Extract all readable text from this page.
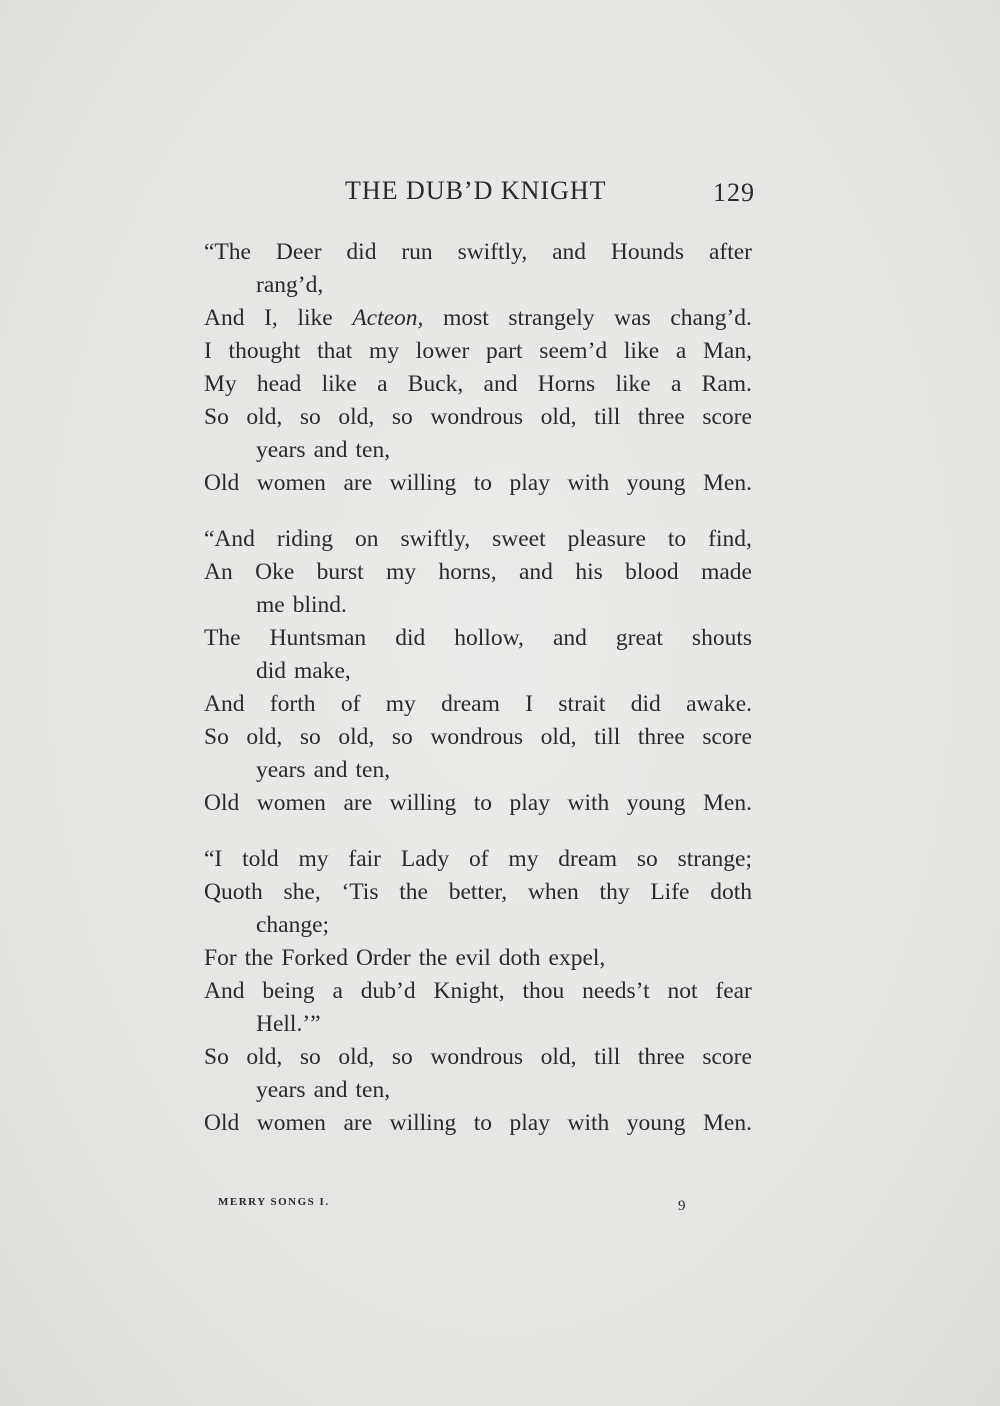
THE DUB’D KNIGHT	129
“The Deer did run swiftly, and Hounds after
rang’d,
And I, like Acteon, most strangely was chang’d.
I thought that my lower part seem’d like a Man,
My head like a Buck, and Horns like a Ram.
So old, so old, so wondrous old, till three score
years and ten,
Old women are willing to play with young Men.
“And riding on swiftly, sweet pleasure to find,
An Oke burst my horns, and his blood made
me blind.
The Huntsman did hollow, and great shouts
did make,
And forth of my dream I strait did awake.
So old, so old, so wondrous old, till three score
years and ten,
Old women are willing to play with young Men.
“I told my fair Lady of my dream so strange;
Quoth she, ‘Tis the better, when thy Life doth
change;
For the Forked Order the evil doth expel,
And being a dub’d Knight, thou needs’t not fear
Hell.’”
So old, so old, so wondrous old, till three score
years and ten,
Old women are willing to play with young Men.
MERRY SONGS I.	9
